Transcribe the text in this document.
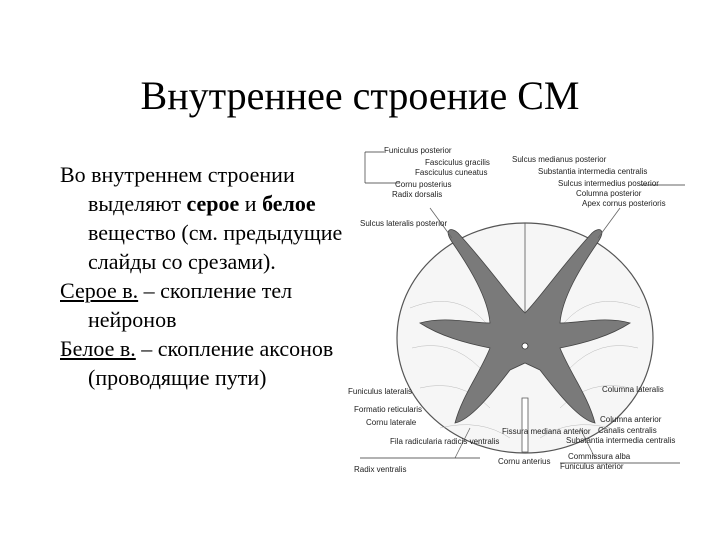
Внутреннее строение СМ

Во внутреннем строении выделяют серое и белое вещество (см. предыдущие слайды со срезами).

Серое в. – скопление тел нейронов

Белое в. – скопление аксонов (проводящие пути)

Funiculus posterior
Fasciculus gracilis
Fasciculus cuneatus
Cornu posterius
Radix dorsalis
Sulcus lateralis posterior
Funiculus lateralis
Formatio reticularis
Cornu laterale
Fila radicularia radicis ventralis
Radix ventralis
Sulcus medianus posterior
Substantia intermedia centralis
Sulcus intermedius posterior
Columna posterior
Apex cornus posterioris
Columna lateralis
Columna anterior
Canalis centralis
Substantia intermedia centralis
Commissura alba
Funiculus anterior
Fissura mediana anterior
Cornu anterius
